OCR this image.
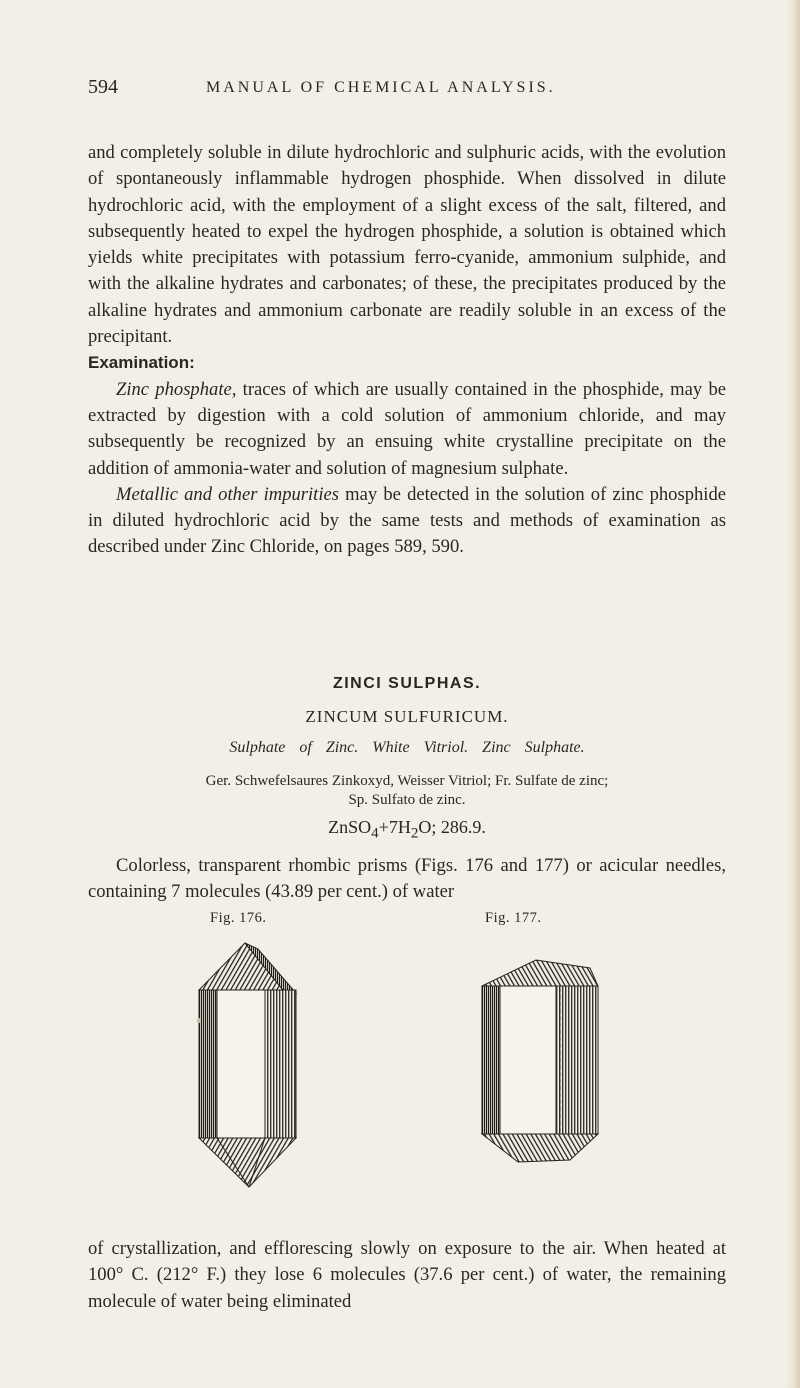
594	MANUAL OF CHEMICAL ANALYSIS.

and completely soluble in dilute hydrochloric and sulphuric acids, with the evolution of spontaneously inflammable hydrogen phosphide. When dissolved in dilute hydrochloric acid, with the employment of a slight excess of the salt, filtered, and subsequently heated to expel the hydrogen phosphide, a solution is obtained which yields white precipitates with potassium ferro-cyanide, ammonium sulphide, and with the alkaline hydrates and carbonates; of these, the precipitates produced by the alkaline hydrates and ammonium carbonate are readily soluble in an excess of the precipitant.

Examination:

Zinc phosphate, traces of which are usually contained in the phosphide, may be extracted by digestion with a cold solution of ammonium chloride, and may subsequently be recognized by an ensuing white crystalline precipitate on the addition of ammonia-water and solution of magnesium sulphate.

Metallic and other impurities may be detected in the solution of zinc phosphide in diluted hydrochloric acid by the same tests and methods of examination as described under Zinc Chloride, on pages 589, 590.

ZINCI SULPHAS.
ZINCUM SULFURICUM.
Sulphate of Zinc. White Vitriol. Zinc Sulphate.
Ger. Schwefelsaures Zinkoxyd, Weisser Vitriol; Fr. Sulfate de zinc;
Sp. Sulfato de zinc.
$ZnSO_4+7H_2O$; 286.9.
Colorless, transparent rhombic prisms (Figs. 176 and 177) or acicular needles, containing 7 molecules (43.89 per cent.) of water
Fig. 176.	Fig. 177.
of crystallization, and efflorescing slowly on exposure to the air. When heated at 100° C. (212° F.) they lose 6 molecules (37.6 per cent.) of water, the remaining molecule of water being eliminated
